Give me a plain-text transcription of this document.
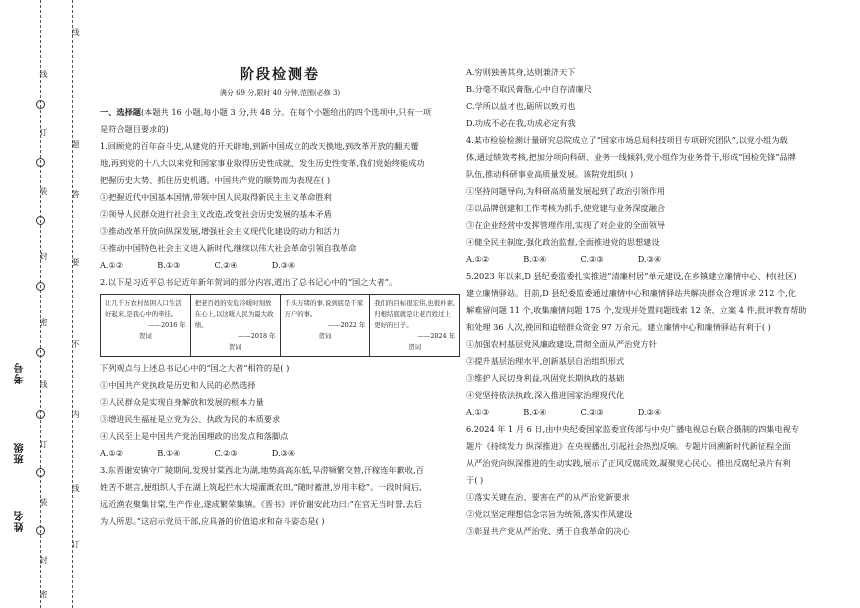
线
订
装
封
密
线
订
装
封
密
线
题
答
要
不
内
线
订
考号
班级
姓名
阶段检测卷
满分 69 分,限时 40 分钟,范围(必修 3)

一、选择题(本题共 16 小题,每小题 3 分,共 48 分。在每个小题给出的四个选项中,只有一项

是符合题目要求的)

1.回顾党的百年奋斗史,从建党的开天辟地,到新中国成立的改天换地,到改革开放的翻天覆

地,再到党的十八大以来党和国家事业取得历史性成就、发生历史性变革,我们党始终能成功

把握历史大势、抓住历史机遇。中国共产党的顺势而为表现在( )

①把握近代中国基本国情,带领中国人民取得新民主主义革命胜利

②领导人民群众进行社会主义改造,改变社会历史发展的基本矛盾

③推动改革开放向纵深发展,增强社会主义现代化建设的动力和活力

④推动中国特色社会主义进入新时代,继续以伟大社会革命引领自我革命

A.①②	B.①③	C.②④	D.③④

2.以下是习近平总书记近年新年贺词的部分内容,道出了总书记心中的“国之大者”。

让几千万农村贫困人口生活好起来,是我心中的牵挂。
——2016 年
贺词

把老百姓的安危冷暖时刻放在心上,以这暖人民为最大政绩。
——2018 年
贺词

千头万绪的事,说到底是千家万户的事。
——2022 年
贺词

我们的目标很宏伟,也很朴素,归根结底就是让老百姓过上更好的日子。
——2024 年
贺词

下列观点与上述总书记心中的“国之大者”相符的是( )

①中国共产党执政是历史和人民的必然选择

②人民群众是实现自身解放和发展的根本力量

③增进民生福祉是立党为公、执政为民的本质要求

④人民至上是中国共产党治国理政的出发点和落脚点

A.①②	B.①④	C.②③	D.③④

3.东晋谢安镇守广陵期间,发现甘棠西北为湖,地势高高东低,旱涝频繁交替,汗稼连年歉收,百

姓苦不堪言,便组织人手在湖上筑起拦水大堤灌溉农田,“随时蓄泄,岁用丰稔”。一段时间后,

远近渔农聚集甘棠,生产作业,遂成繁荣集镇。《晋书》评价谢安此功曰:“在官无当时誉,去后

为人所思。”这启示党员干部,应具备的价值追求和奋斗姿态是( )

A.穷则独善其身,达则兼济天下

B.分毫不取民膏脂,心中自存清廉尺

C.学所以益才也,砺所以致刃也

D.功成不必在我,功成必定有我

4.某市检验检测计量研究总院成立了“国家市场总局科技项目专项研究团队”,以党小组为载

体,通过绩效考核,把加分项向科研、业务一线倾斜,党小组作为业务骨干,形成“国检先锋”品牌

队伍,推动科研事业高质量发展。该院党组织( )

①坚持问题导向,为科研高质量发展起到了政治引领作用

②以品牌创建和工作考核为抓手,使党建与业务深度融合

③在企业经营中发挥管理作用,实现了对企业的全面领导

④健全民主制度,强化政治监督,全面推进党的思想建设

A.①②	B.①④	C.②③	D.③④

5.2023 年以来,D 县纪委监委扎实推进“清廉村居”单元建设,在乡镇建立廉情中心、村(社区)

建立廉情驿站。目前,D 县纪委监委通过廉情中心和廉情驿站共解决群众合理诉求 212 个,化

解难留问题 11 个,收集廉情问题 175 个,发现并处置问题线索 12 条、立案 4 件,批评教育帮助

和处理 36 人次,挽回和追赔群众资金 97 万余元。建立廉情中心和廉情驿站有利于( )

①加强农村基层党风廉政建设,贯彻全面从严治党方针

②提升基层治理水平,创新基层自治组织形式

③维护人民切身利益,巩固党长期执政的基础

④党坚持依法执政,深入推进国家治理现代化

A.①③	B.①④	C.②③	D.②④

6.2024 年 1 月 6 日,由中央纪委国家监委宣传部与中央广播电视总台联合摄制的四集电视专

题片《持续发力 纵深推进》在央视播出,引起社会热烈反响。专题片回溯新时代新征程全面

从严治党向纵深推进的生动实践,展示了正风反腐成效,凝聚党心民心。推出反腐纪录片有利

于( )

①落实关键在治、要害在严的从严治党新要求

②党以坚定理想信念宗旨为统领,落实作风建设

③彰显共产党从严治党、勇于自我革命的决心
